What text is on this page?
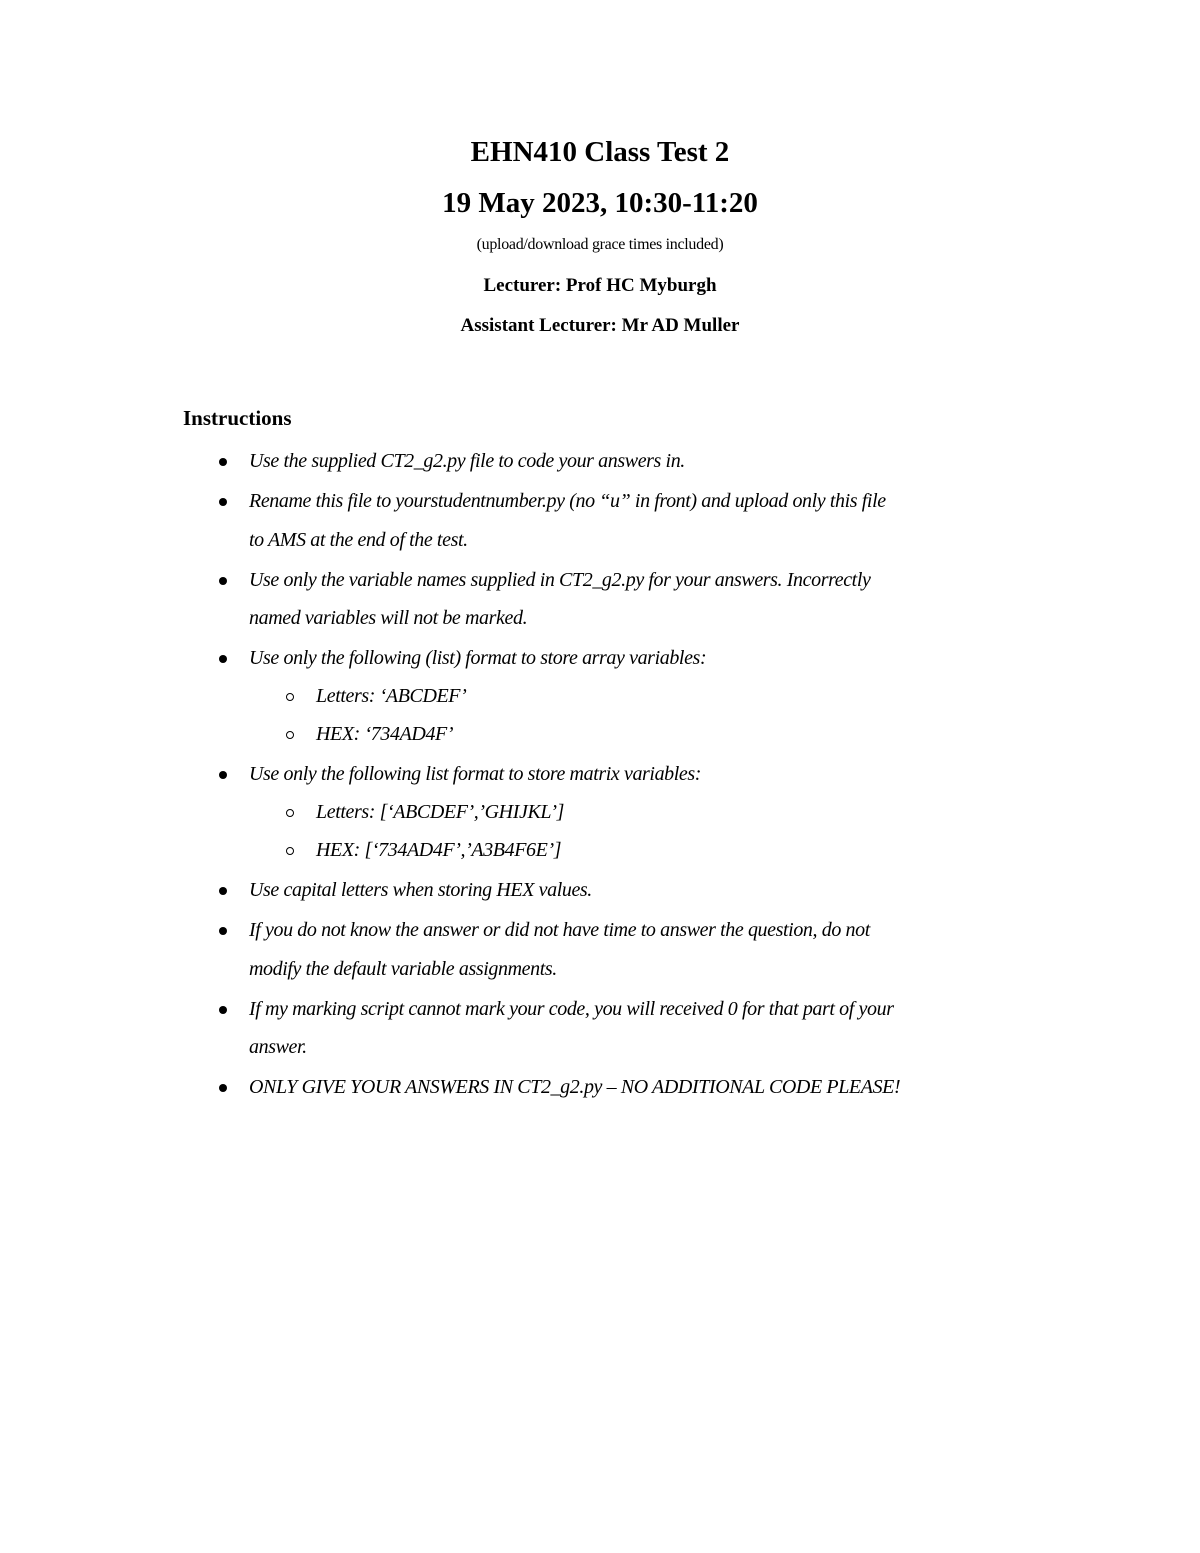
EHN410 Class Test 2
19 May 2023, 10:30-11:20
(upload/download grace times included)
Lecturer: Prof HC Myburgh
Assistant Lecturer: Mr AD Muller
Instructions
Use the supplied CT2_g2.py file to code your answers in.
Rename this file to yourstudentnumber.py (no “u” in front) and upload only this file
to AMS at the end of the test.
Use only the variable names supplied in CT2_g2.py for your answers. Incorrectly
named variables will not be marked.
Use only the following (list) format to store array variables:
Letters: ‘ABCDEF’
HEX: ‘734AD4F’
Use only the following list format to store matrix variables:
Letters: [‘ABCDEF’,’GHIJKL’]
HEX: [‘734AD4F’,’A3B4F6E’]
Use capital letters when storing HEX values.
If you do not know the answer or did not have time to answer the question, do not
modify the default variable assignments.
If my marking script cannot mark your code, you will received 0 for that part of your
answer.
ONLY GIVE YOUR ANSWERS IN CT2_g2.py – NO ADDITIONAL CODE PLEASE!
